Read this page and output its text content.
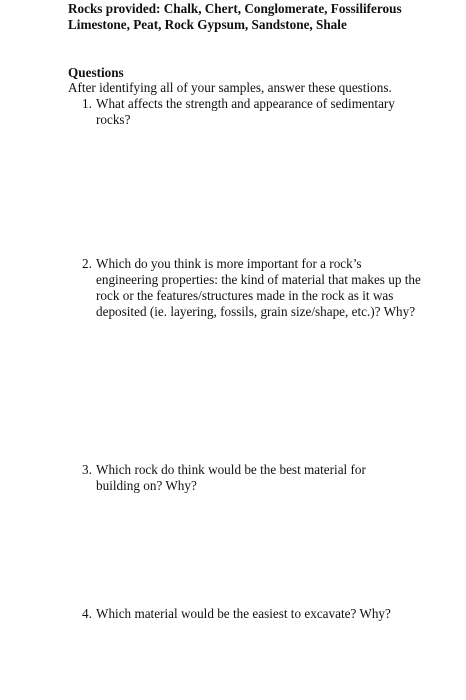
Rocks provided: Chalk, Chert, Conglomerate, Fossiliferous Limestone, Peat, Rock Gypsum, Sandstone, Shale
Questions
After identifying all of your samples, answer these questions.
1. What affects the strength and appearance of sedimentary rocks?
2. Which do you think is more important for a rock’s engineering properties: the kind of material that makes up the rock or the features/structures made in the rock as it was deposited (ie. layering, fossils, grain size/shape, etc.)? Why?
3. Which rock do think would be the best material for building on? Why?
4. Which material would be the easiest to excavate? Why?
